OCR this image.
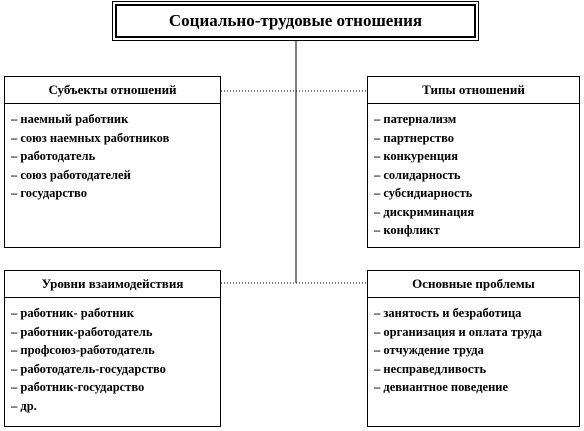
Социально-трудовые отношения
Субъекты отношений
– наемный работник
– союз наемных работников
– работодатель
– союз работодателей
– государство
Типы отношений
– патернализм
– партнерство
– конкуренция
– солидарность
– субсидиарность
– дискриминация
– конфликт
Уровни взаимодействия
– работник- работник
– работник-работодатель
– профсоюз-работодатель
– работодатель-государство
– работник-государство
– др.
Основные проблемы
– занятость и безработица
– организация и оплата труда
– отчуждение труда
– несправедливость
– девиантное поведение
